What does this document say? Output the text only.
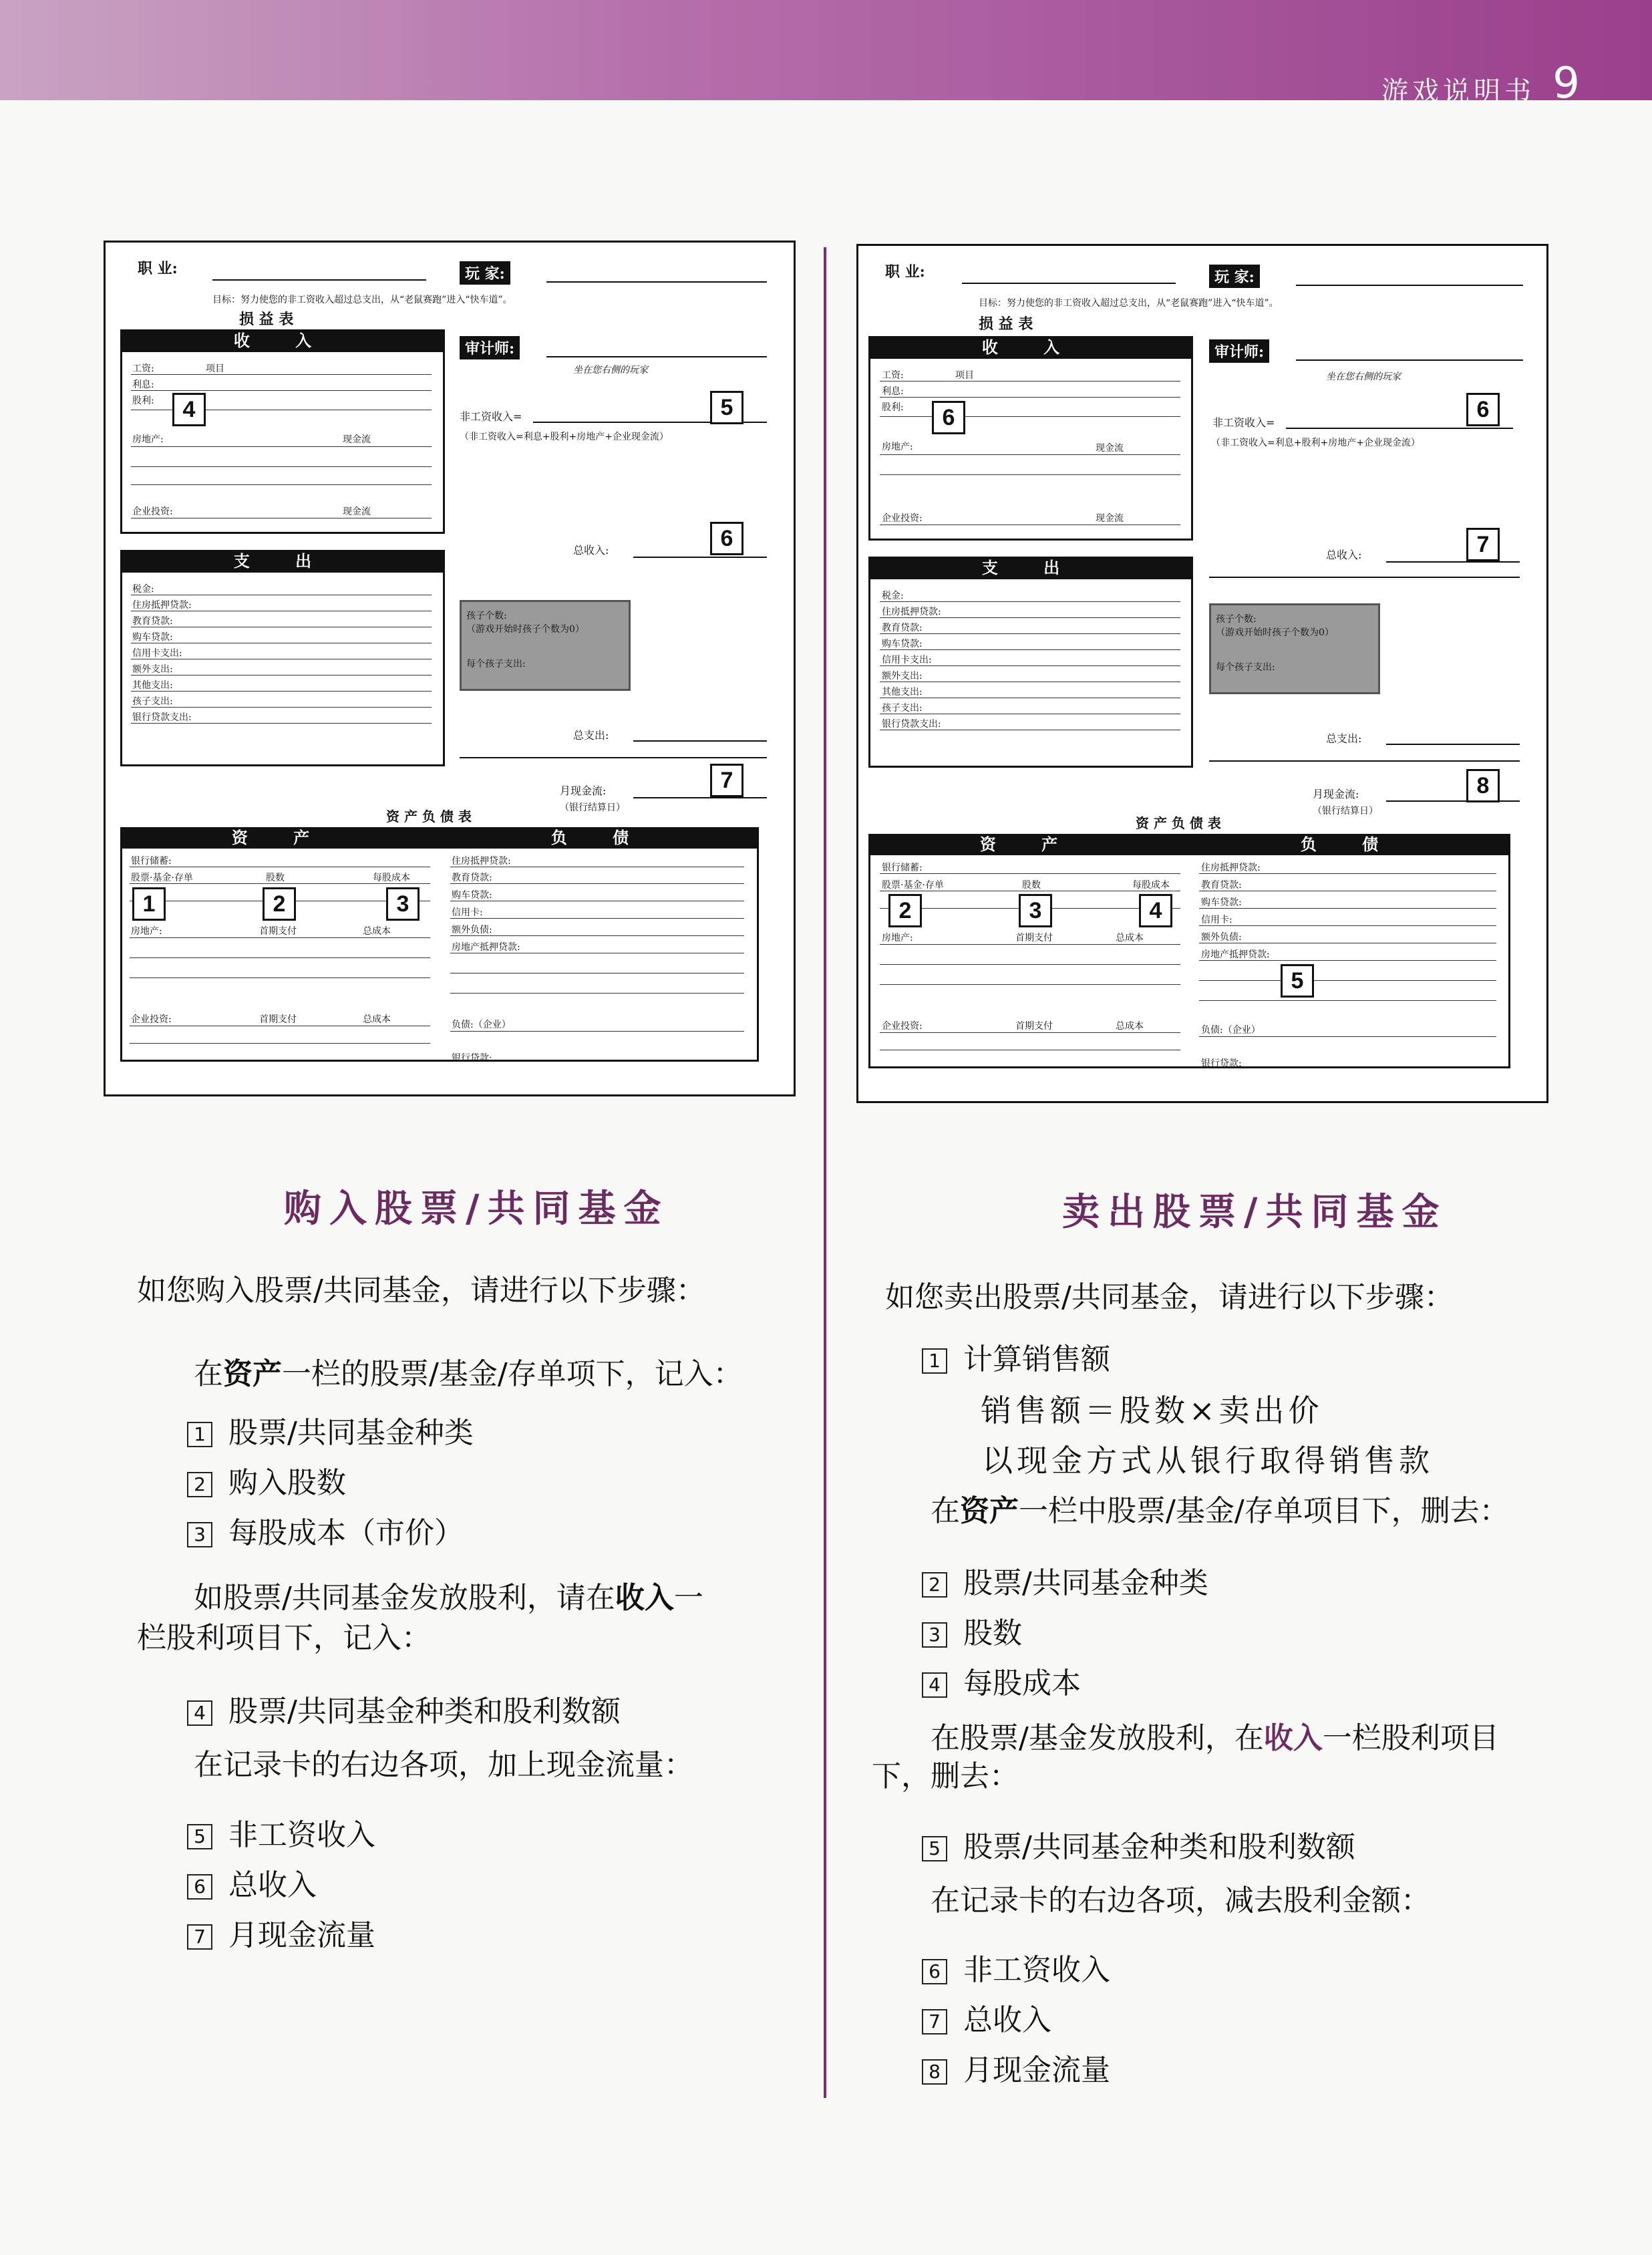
游戏说明书 9
职 业:	玩 家:
目标：努力使您的非工资收入超过总支出，从“老鼠赛跑”进入“快车道”。
损 益 表
收 入
工资:	项目
利息:
股利:
房地产:	现金流
企业投资:	现金流
审计师:
坐在您右侧的玩家
非工资收入=
（非工资收入=利息+股利+房地产+企业现金流）
总收入:
支 出
税金:
住房抵押贷款:
教育贷款:
购车贷款:
信用卡支出:
额外支出:
其他支出:
孩子支出:
银行贷款支出:
孩子个数:
（游戏开始时孩子个数为0）
每个孩子支出:
总支出:
月现金流:
（银行结算日）
资 产 负 债 表
资 产	负 债
银行储蓄:
股票·基金·存单	股数	每股成本
房地产:	首期支付	总成本
企业投资:	首期支付	总成本
住房抵押贷款:
教育贷款:
购车贷款:
信用卡:
额外负债:
房地产抵押贷款:
负债:（企业）
银行贷款:
4	5
6
7
1	2	3
职 业:	玩 家:
目标：努力使您的非工资收入超过总支出，从“老鼠赛跑”进入“快车道”。
损 益 表
收 入
工资:	项目
利息:
股利:
房地产:	现金流
企业投资:	现金流
审计师:
坐在您右侧的玩家
非工资收入=
（非工资收入=利息+股利+房地产+企业现金流）
总收入:
支 出
税金:
住房抵押贷款:
教育贷款:
购车贷款:
信用卡支出:
额外支出:
其他支出:
孩子支出:
银行贷款支出:
孩子个数:
（游戏开始时孩子个数为0）
每个孩子支出:
总支出:
月现金流:
（银行结算日）
资 产 负 债 表
资 产	负 债
银行储蓄:
股票·基金·存单	股数	每股成本
房地产:	首期支付	总成本
企业投资:	首期支付	总成本
住房抵押贷款:
教育贷款:
购车贷款:
信用卡:
额外负债:
房地产抵押贷款:
负债:（企业）
银行贷款:
6	6
7
8
2	3	4
5
购入股票/共同基金
如您购入股票/共同基金，请进行以下步骤：
在资产一栏的股票/基金/存单项下，记入：
1 股票/共同基金种类
2 购入股数
3 每股成本（市价）
如股票/共同基金发放股利，请在收入一
栏股利项目下，记入：
4 股票/共同基金种类和股利数额
在记录卡的右边各项，加上现金流量：
5 非工资收入
6 总收入
7 月现金流量
卖出股票/共同基金
如您卖出股票/共同基金，请进行以下步骤：
1 计算销售额
销售额＝股数×卖出价
以现金方式从银行取得销售款
在资产一栏中股票/基金/存单项目下，删去：
2 股票/共同基金种类
3 股数
4 每股成本
在股票/基金发放股利，在收入一栏股利项目
下，删去：
5 股票/共同基金种类和股利数额
在记录卡的右边各项，减去股利金额：
6 非工资收入
7 总收入
8 月现金流量
